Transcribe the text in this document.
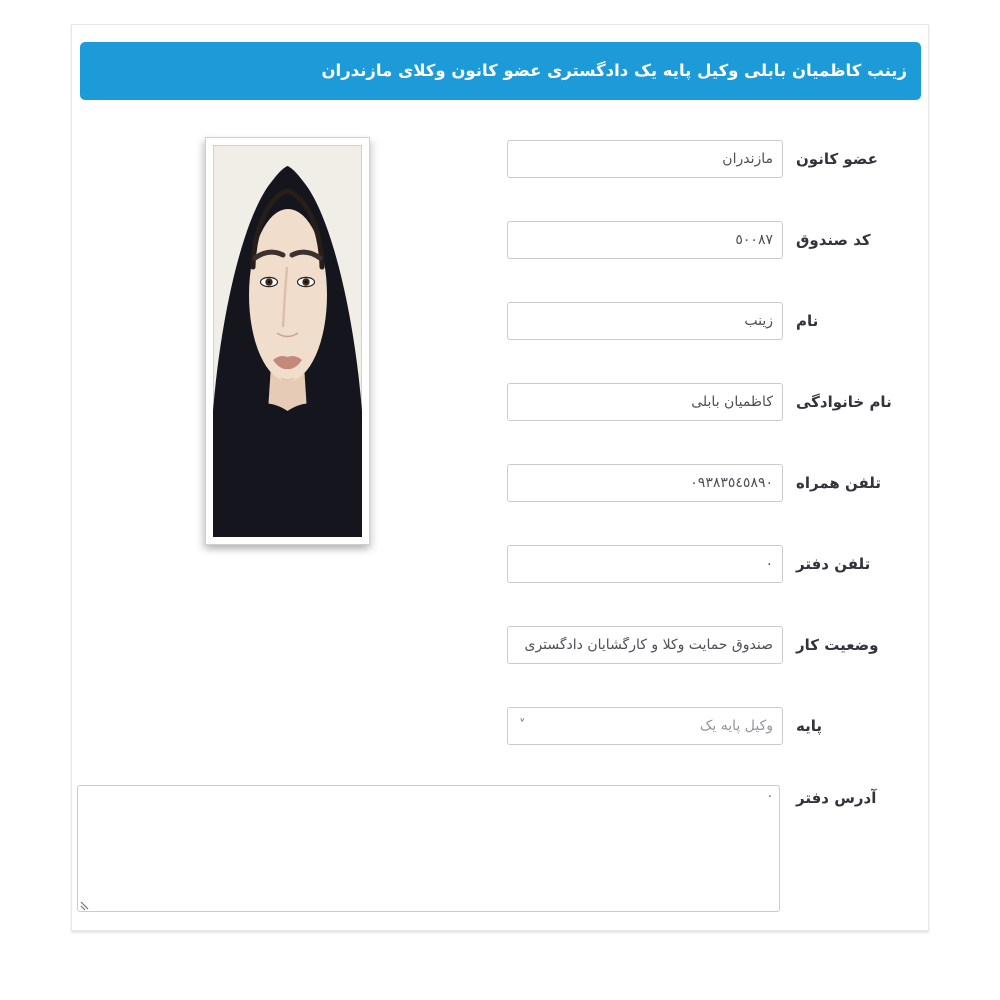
زینب کاظمیان بابلی وکیل پایه یک دادگستری عضو کانون وکلای مازندران
مازندران
عضو کانون
٥٠٠٨٧
کد صندوق
زینب
نام
کاظمیان بابلی
نام خانوادگی
٠٩٣٨٣٥٤٥٨٩٠
تلفن همراه
٠
تلفن دفتر
صندوق حمایت وکلا و کارگشایان دادگستری
وضعیت کار
وکیل پایه یک
˅	پایه
·
آدرس دفتر
